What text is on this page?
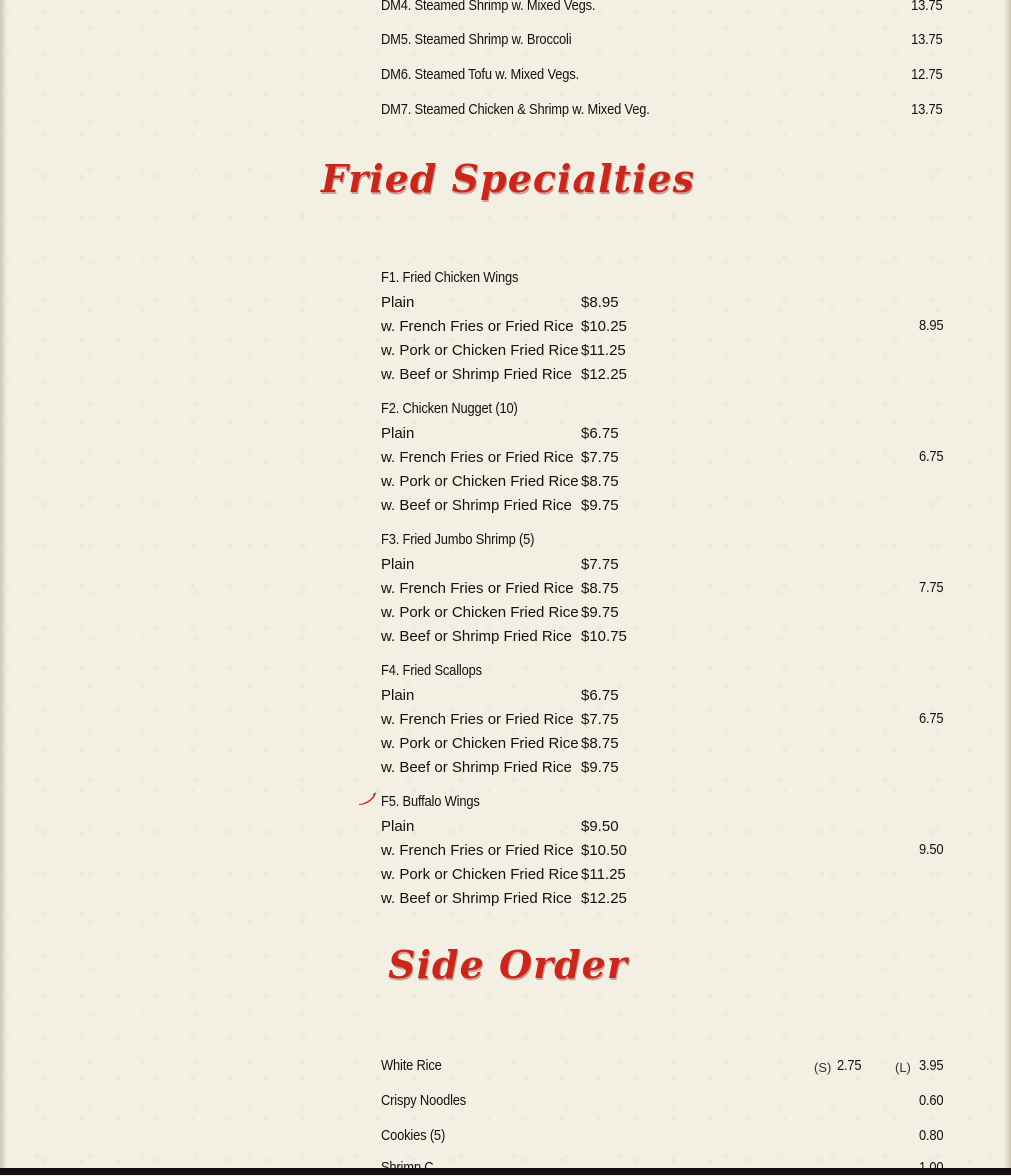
DM4. Steamed Shrimp w. Mixed Vegs.	13.75
DM5. Steamed Shrimp w. Broccoli	13.75
DM6. Steamed Tofu w. Mixed Vegs.	12.75
DM7. Steamed Chicken & Shrimp w. Mixed Veg.	13.75
Fried Specialties
F1. Fried Chicken Wings
Plain	$8.95
w. French Fries or Fried Rice $10.25	8.95
w. Pork or Chicken Fried Rice $11.25
w. Beef or Shrimp Fried Rice $12.25
F2. Chicken Nugget (10)
Plain	$6.75
w. French Fries or Fried Rice $7.75	6.75
w. Pork or Chicken Fried Rice $8.75
w. Beef or Shrimp Fried Rice $9.75
F3. Fried Jumbo Shrimp (5)
Plain	$7.75
w. French Fries or Fried Rice $8.75	7.75
w. Pork or Chicken Fried Rice $9.75
w. Beef or Shrimp Fried Rice $10.75
F4. Fried Scallops
Plain	$6.75
w. French Fries or Fried Rice $7.75	6.75
w. Pork or Chicken Fried Rice $8.75
w. Beef or Shrimp Fried Rice $9.75
F5. Buffalo Wings
Plain	$9.50
w. French Fries or Fried Rice $10.50	9.50
w. Pork or Chicken Fried Rice $11.25
w. Beef or Shrimp Fried Rice $12.25
Side Order
White Rice	(S) 2.75	(L) 3.95
Crispy Noodles	0.60
Cookies (5)	0.80
